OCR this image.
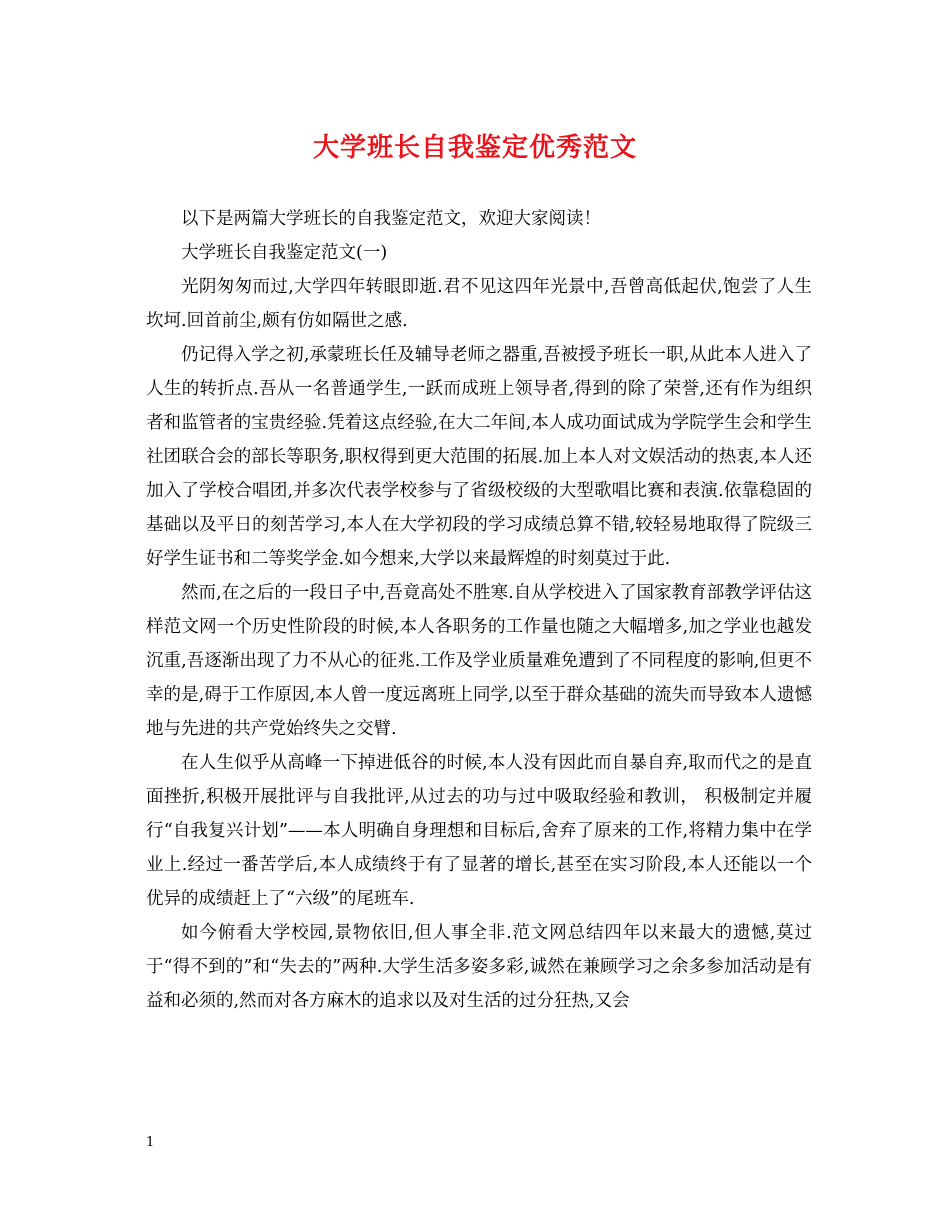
大学班长自我鉴定优秀范文

以下是两篇大学班长的自我鉴定范文，欢迎大家阅读！

大学班长自我鉴定范文(一)

光阴匆匆而过,大学四年转眼即逝.君不见这四年光景中,吾曾高低起伏,饱尝了人生坎坷.回首前尘,颇有仿如隔世之感.

仍记得入学之初,承蒙班长任及辅导老师之器重,吾被授予班长一职,从此本人进入了人生的转折点.吾从一名普通学生,一跃而成班上领导者,得到的除了荣誉,还有作为组织者和监管者的宝贵经验.凭着这点经验,在大二年间,本人成功面试成为学院学生会和学生社团联合会的部长等职务,职权得到更大范围的拓展.加上本人对文娱活动的热衷,本人还加入了学校合唱团,并多次代表学校参与了省级校级的大型歌唱比赛和表演.依靠稳固的基础以及平日的刻苦学习,本人在大学初段的学习成绩总算不错,较轻易地取得了院级三好学生证书和二等奖学金.如今想来,大学以来最辉煌的时刻莫过于此.

然而,在之后的一段日子中,吾竟高处不胜寒.自从学校进入了国家教育部教学评估这样范文网一个历史性阶段的时候,本人各职务的工作量也随之大幅增多,加之学业也越发沉重,吾逐渐出现了力不从心的征兆.工作及学业质量难免遭到了不同程度的影响,但更不幸的是,碍于工作原因,本人曾一度远离班上同学,以至于群众基础的流失而导致本人遗憾地与先进的共产党始终失之交臂.

在人生似乎从高峰一下掉进低谷的时候,本人没有因此而自暴自弃,取而代之的是直面挫折,积极开展批评与自我批评,从过去的功与过中吸取经验和教训， 积极制定并履行“自我复兴计划”——本人明确自身理想和目标后,舍弃了原来的工作,将精力集中在学业上.经过一番苦学后,本人成绩终于有了显著的增长,甚至在实习阶段,本人还能以一个优异的成绩赶上了“六级”的尾班车.

如今俯看大学校园,景物依旧,但人事全非.范文网总结四年以来最大的遗憾,莫过于“得不到的”和“失去的”两种.大学生活多姿多彩,诚然在兼顾学习之余多参加活动是有益和必须的,然而对各方麻木的追求以及对生活的过分狂热,又会

1
